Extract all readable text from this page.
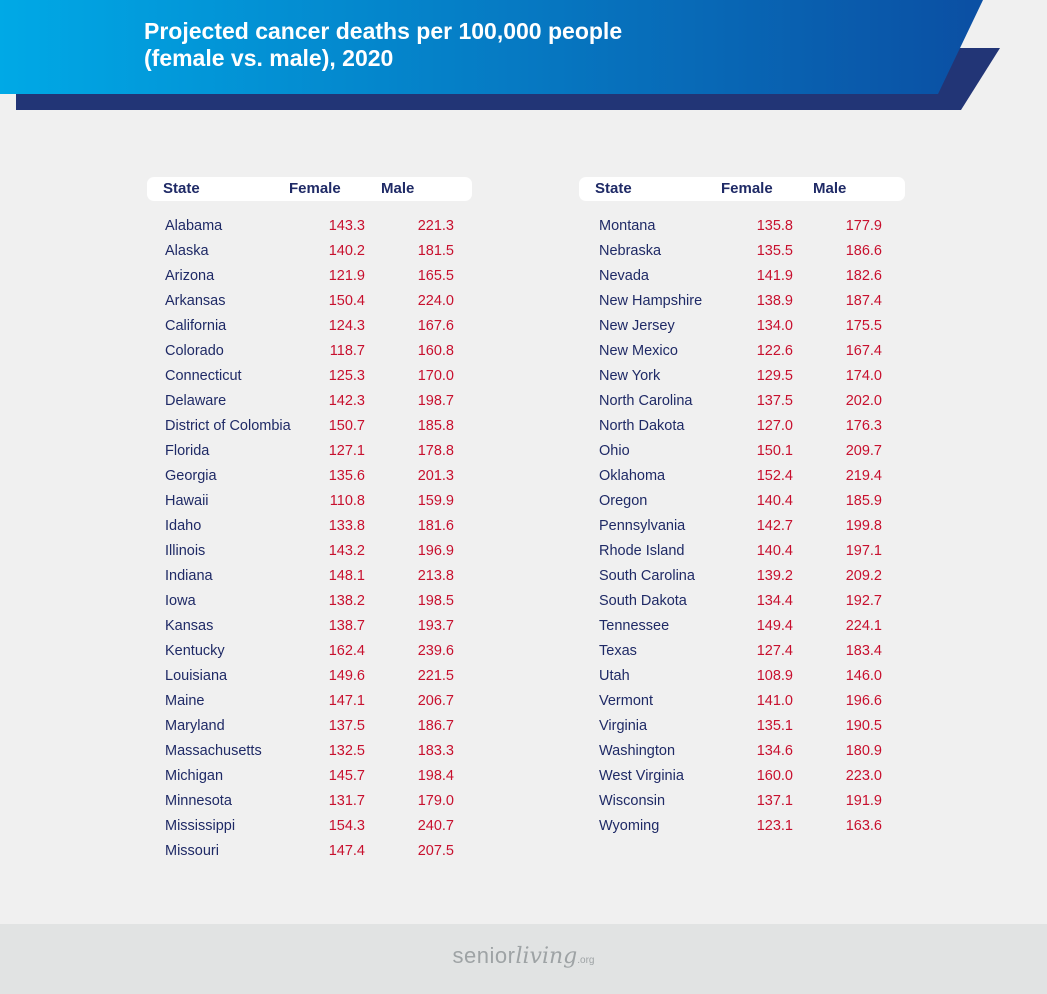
Projected cancer deaths per 100,000 people
(female vs. male), 2020
State	Female	Male
Alabama	143.3	221.3
Alaska	140.2	181.5
Arizona	121.9	165.5
Arkansas	150.4	224.0
California	124.3	167.6
Colorado	118.7	160.8
Connecticut	125.3	170.0
Delaware	142.3	198.7
District of Colombia	150.7	185.8
Florida	127.1	178.8
Georgia	135.6	201.3
Hawaii	110.8	159.9
Idaho	133.8	181.6
Illinois	143.2	196.9
Indiana	148.1	213.8
Iowa	138.2	198.5
Kansas	138.7	193.7
Kentucky	162.4	239.6
Louisiana	149.6	221.5
Maine	147.1	206.7
Maryland	137.5	186.7
Massachusetts	132.5	183.3
Michigan	145.7	198.4
Minnesota	131.7	179.0
Mississippi	154.3	240.7
Missouri	147.4	207.5
State	Female	Male
Montana	135.8	177.9
Nebraska	135.5	186.6
Nevada	141.9	182.6
New Hampshire	138.9	187.4
New Jersey	134.0	175.5
New Mexico	122.6	167.4
New York	129.5	174.0
North Carolina	137.5	202.0
North Dakota	127.0	176.3
Ohio	150.1	209.7
Oklahoma	152.4	219.4
Oregon	140.4	185.9
Pennsylvania	142.7	199.8
Rhode Island	140.4	197.1
South Carolina	139.2	209.2
South Dakota	134.4	192.7
Tennessee	149.4	224.1
Texas	127.4	183.4
Utah	108.9	146.0
Vermont	141.0	196.6
Virginia	135.1	190.5
Washington	134.6	180.9
West Virginia	160.0	223.0
Wisconsin	137.1	191.9
Wyoming	123.1	163.6
seniorliving.org
